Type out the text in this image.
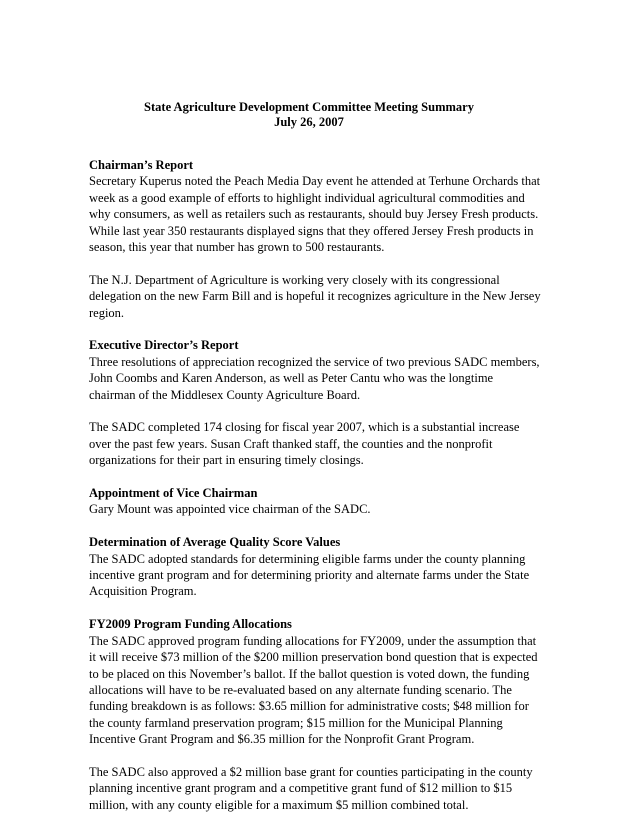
State Agriculture Development Committee Meeting Summary
July 26, 2007

Chairman’s Report

Secretary Kuperus noted the Peach Media Day event he attended at Terhune Orchards that week as a good example of efforts to highlight individual agricultural commodities and why consumers, as well as retailers such as restaurants, should buy Jersey Fresh products. While last year 350 restaurants displayed signs that they offered Jersey Fresh products in season, this year that number has grown to 500 restaurants.

The N.J. Department of Agriculture is working very closely with its congressional delegation on the new Farm Bill and is hopeful it recognizes agriculture in the New Jersey region.

Executive Director’s Report

Three resolutions of appreciation recognized the service of two previous SADC members, John Coombs and Karen Anderson, as well as Peter Cantu who was the longtime chairman of the Middlesex County Agriculture Board.

The SADC completed 174 closing for fiscal year 2007, which is a substantial increase over the past few years. Susan Craft thanked staff, the counties and the nonprofit organizations for their part in ensuring timely closings.

Appointment of Vice Chairman

Gary Mount was appointed vice chairman of the SADC.

Determination of Average Quality Score Values

The SADC adopted standards for determining eligible farms under the county planning incentive grant program and for determining priority and alternate farms under the State Acquisition Program.

FY2009 Program Funding Allocations

The SADC approved program funding allocations for FY2009, under the assumption that it will receive $73 million of the $200 million preservation bond question that is expected to be placed on this November’s ballot. If the ballot question is voted down, the funding allocations will have to be re-evaluated based on any alternate funding scenario. The funding breakdown is as follows: $3.65 million for administrative costs; $48 million for the county farmland preservation program; $15 million for the Municipal Planning Incentive Grant Program and $6.35 million for the Nonprofit Grant Program.

The SADC also approved a $2 million base grant for counties participating in the county planning incentive grant program and a competitive grant fund of $12 million to $15 million, with any county eligible for a maximum $5 million combined total.
